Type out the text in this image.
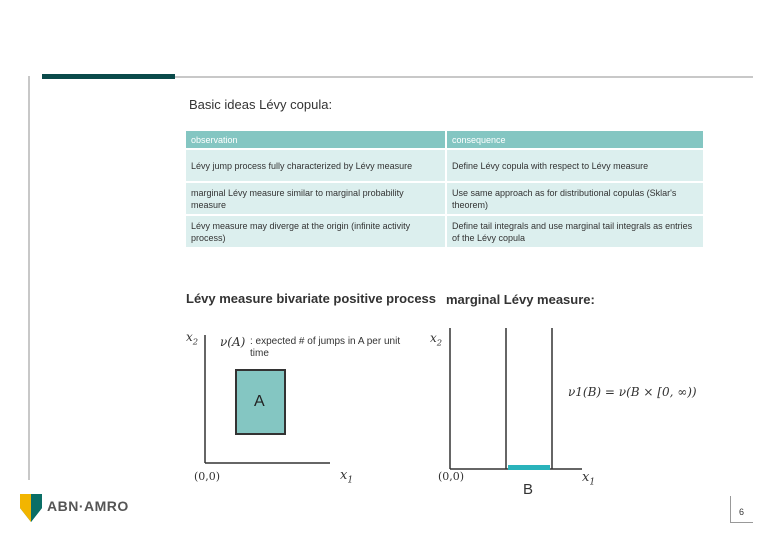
Basic ideas Lévy copula:
observation	consequence
Lévy jump process fully characterized by Lévy measure	Define Lévy copula with respect to Lévy measure
marginal Lévy measure similar to marginal probability measure	Use same approach as for distributional copulas (Sklar's theorem)
Lévy measure may diverge at the origin (infinite activity process)	Define tail integrals and use marginal tail integrals as entries of the Lévy copula
Lévy measure bivariate positive process marginal Lévy measure:
$x_2$
$x_1$
(0,0)
ν(A) : expected # of jumps in A per unit time
A
$x_2$
$x_1$
(0,0)
ν1(B) = ν(B × [0, ∞))
B
ABN·AMRO	6
